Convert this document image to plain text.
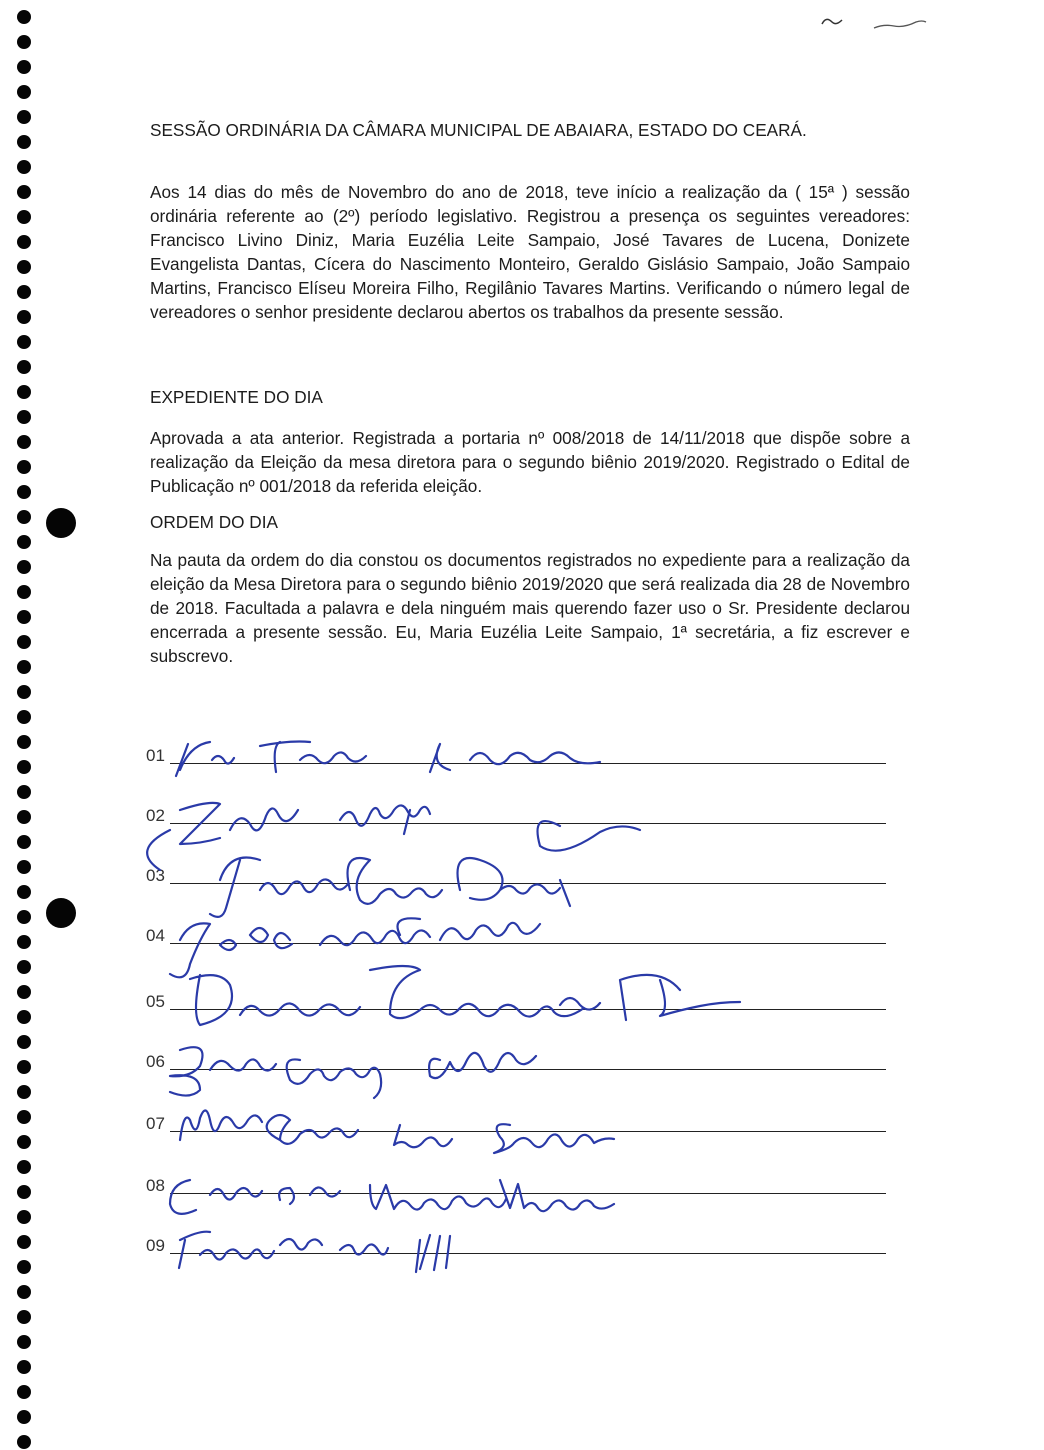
SESSÃO ORDINÁRIA DA CÂMARA MUNICIPAL DE ABAIARA, ESTADO DO CEARÁ.
Aos 14 dias do mês de Novembro do ano de 2018, teve início a realização da ( 15ª ) sessão ordinária referente ao (2º) período legislativo. Registrou a presença os seguintes vereadores: Francisco Livino Diniz, Maria Euzélia Leite Sampaio, José Tavares de Lucena, Donizete Evangelista Dantas, Cícera do Nascimento Monteiro, Geraldo Gislásio Sampaio, João Sampaio Martins, Francisco Elíseu Moreira Filho, Regilânio Tavares Martins. Verificando o número legal de vereadores o senhor presidente declarou abertos os trabalhos da presente sessão.
EXPEDIENTE DO DIA
Aprovada a ata anterior. Registrada a portaria nº 008/2018 de 14/11/2018 que dispõe sobre a realização da Eleição da mesa diretora para o segundo biênio 2019/2020. Registrado o Edital de Publicação nº 001/2018 da referida eleição.
ORDEM DO DIA
Na pauta da ordem do dia constou os documentos registrados no expediente para a realização da eleição da Mesa Diretora para o segundo biênio 2019/2020 que será realizada dia 28 de Novembro de 2018. Facultada a palavra e dela ninguém mais querendo fazer uso o Sr. Presidente declarou encerrada a presente sessão. Eu, Maria Euzélia Leite Sampaio, 1ª secretária, a fiz escrever e subscrevo.
01
02
03
04
05
06
07
08
09
